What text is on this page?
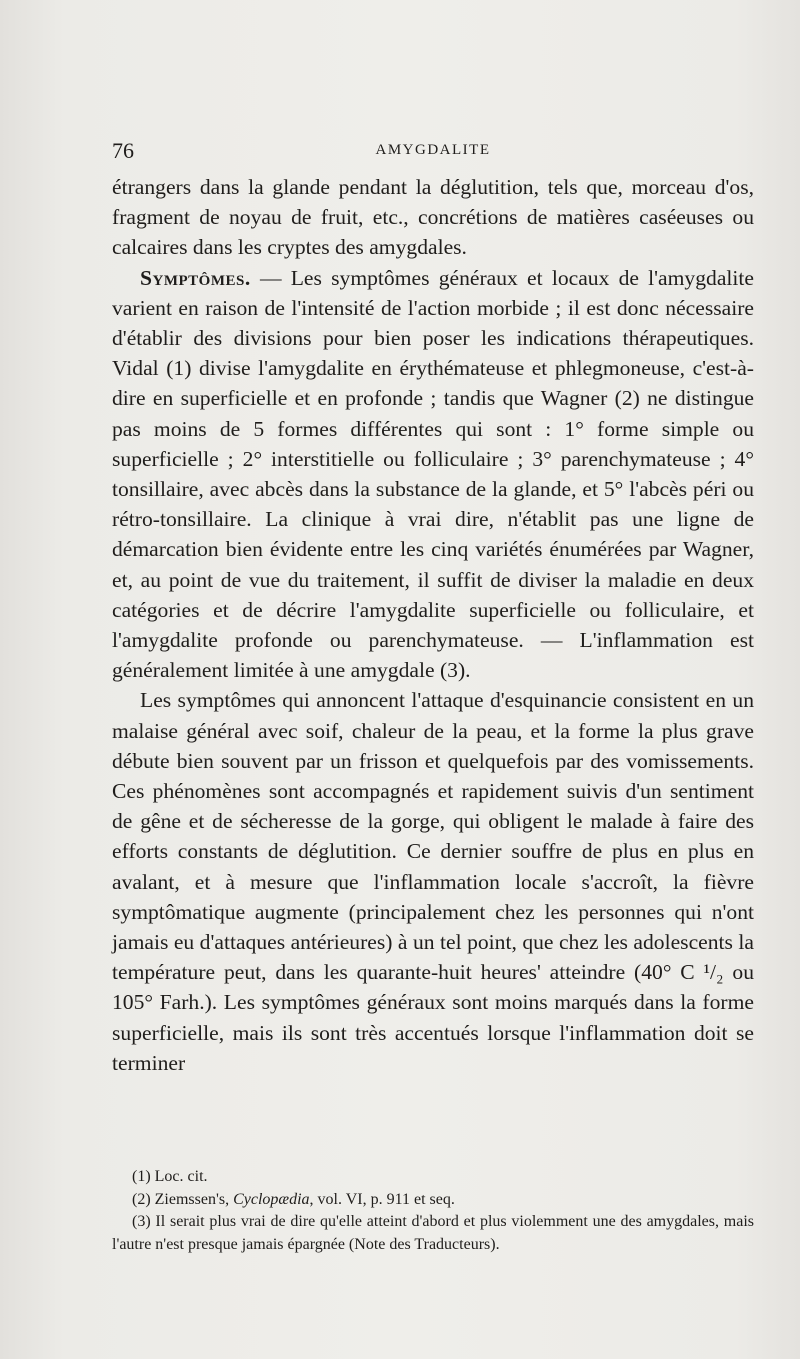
76	AMYGDALITE

étrangers dans la glande pendant la déglutition, tels que, morceau d'os, fragment de noyau de fruit, etc., concrétions de matières caséeuses ou calcaires dans les cryptes des amygdales.

Symptômes. — Les symptômes généraux et locaux de l'amygdalite varient en raison de l'intensité de l'action morbide ; il est donc nécessaire d'établir des divisions pour bien poser les indications thérapeutiques. Vidal (1) divise l'amygdalite en érythémateuse et phlegmoneuse, c'est-à-dire en superficielle et en profonde ; tandis que Wagner (2) ne distingue pas moins de 5 formes différentes qui sont : 1° forme simple ou superficielle ; 2° interstitielle ou folliculaire ; 3° parenchymateuse ; 4° tonsillaire, avec abcès dans la substance de la glande, et 5° l'abcès péri ou rétro-tonsillaire. La clinique à vrai dire, n'établit pas une ligne de démarcation bien évidente entre les cinq variétés énumérées par Wagner, et, au point de vue du traitement, il suffit de diviser la maladie en deux catégories et de décrire l'amygdalite superficielle ou folliculaire, et l'amygdalite profonde ou parenchymateuse. — L'inflammation est généralement limitée à une amygdale (3).

Les symptômes qui annoncent l'attaque d'esquinancie consistent en un malaise général avec soif, chaleur de la peau, et la forme la plus grave débute bien souvent par un frisson et quelquefois par des vomissements. Ces phénomènes sont accompagnés et rapidement suivis d'un sentiment de gêne et de sécheresse de la gorge, qui obligent le malade à faire des efforts constants de déglutition. Ce dernier souffre de plus en plus en avalant, et à mesure que l'inflammation locale s'accroît, la fièvre symptômatique augmente (principalement chez les personnes qui n'ont jamais eu d'attaques antérieures) à un tel point, que chez les adolescents la température peut, dans les quarante-huit heures' atteindre (40° C ¹/₂ ou 105° Farh.). Les symptômes généraux sont moins marqués dans la forme superficielle, mais ils sont très accentués lorsque l'inflammation doit se terminer

(1) Loc. cit.

(2) Ziemssen's, Cyclopædia, vol. VI, p. 911 et seq.

(3) Il serait plus vrai de dire qu'elle atteint d'abord et plus violemment une des amygdales, mais l'autre n'est presque jamais épargnée (Note des Traducteurs).
